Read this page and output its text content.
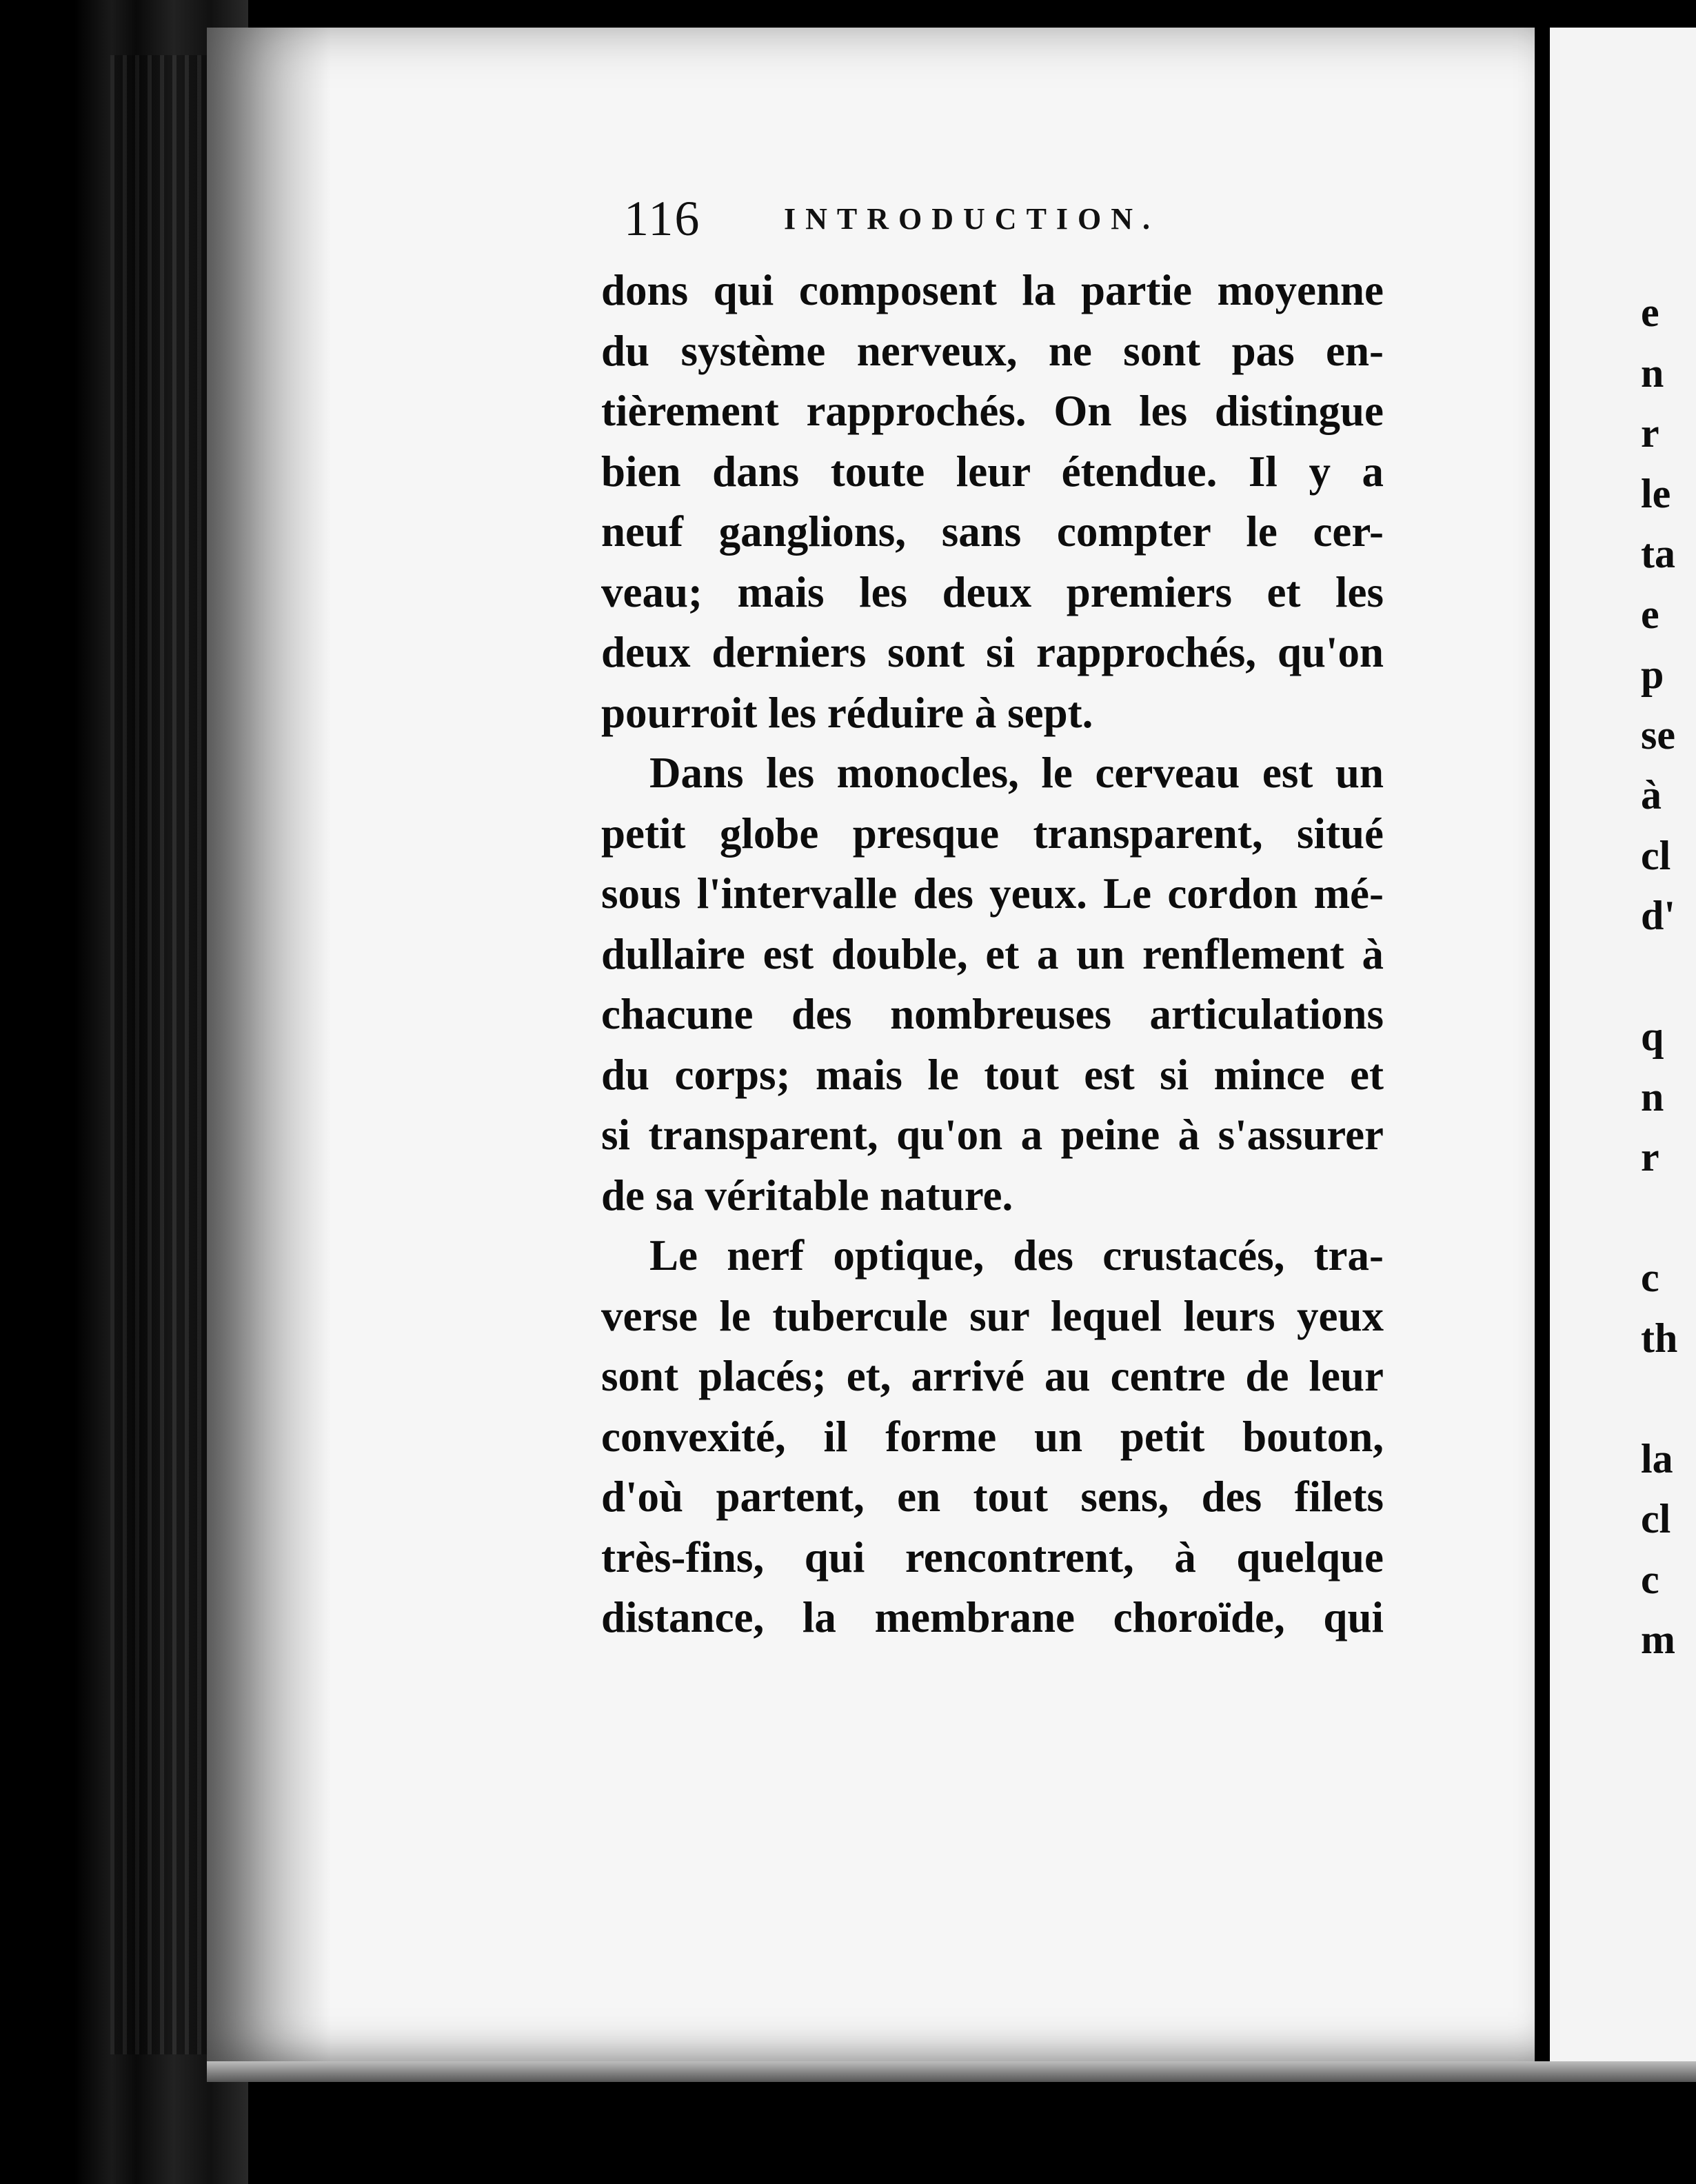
116	INTRODUCTION.
dons qui composent la partie moyenne
du système nerveux, ne sont pas en-
tièrement rapprochés. On les distingue
bien dans toute leur étendue. Il y a
neuf ganglions, sans compter le cer-
veau; mais les deux premiers et les
deux derniers sont si rapprochés, qu'on
pourroit les réduire à sept.
Dans les monocles, le cerveau est un
petit globe presque transparent, situé
sous l'intervalle des yeux. Le cordon mé-
dullaire est double, et a un renflement à
chacune des nombreuses articulations
du corps; mais le tout est si mince et
si transparent, qu'on a peine à s'assurer
de sa véritable nature.
Le nerf optique, des crustacés, tra-
verse le tubercule sur lequel leurs yeux
sont placés; et, arrivé au centre de leur
convexité, il forme un petit bouton,
d'où partent, en tout sens, des filets
très-fins, qui rencontrent, à quelque
distance, la membrane choroïde, qui
e
n
r
le
ta
e
p
se
à
cl
d'
q
n
r
c
th
la
cl
c
m
